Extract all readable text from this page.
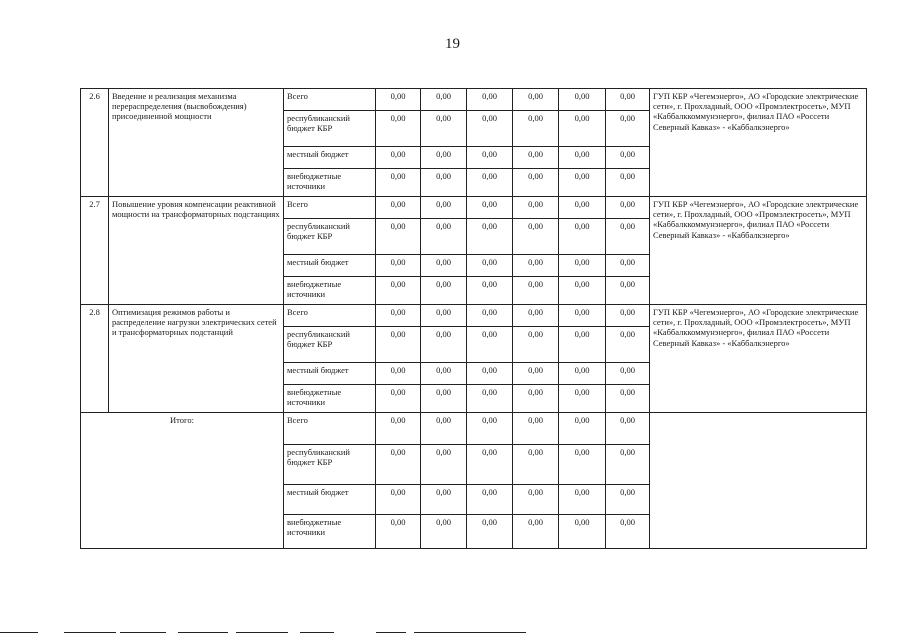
19
2.6	Введение и реализация механизма перераспределения (высвобождения) присоединенной мощности	Всего	0,00	0,00	0,00	0,00	0,00	0,00	ГУП КБР «Чегемэнерго», АО «Городские электрические сети», г. Прохладный, ООО «Промэлектросеть», МУП «Каббалккоммунэнерго», филиал ПАО «Россети Северный Кавказ» - «Каббалкэнерго»
		республиканский бюджет КБР	0,00	0,00	0,00	0,00	0,00	0,00	
		местный бюджет	0,00	0,00	0,00	0,00	0,00	0,00	
		внебюджетные источники	0,00	0,00	0,00	0,00	0,00	0,00	
2.7	Повышение уровня компенсации реактивной мощности на трансформаторных подстанциях	Всего	0,00	0,00	0,00	0,00	0,00	0,00	ГУП КБР «Чегемэнерго», АО «Городские электрические сети», г. Прохладный, ООО «Промэлектросеть», МУП «Каббалккоммунэнерго», филиал ПАО «Россети Северный Кавказ» - «Каббалкэнерго»
		республиканский бюджет КБР	0,00	0,00	0,00	0,00	0,00	0,00	
		местный бюджет	0,00	0,00	0,00	0,00	0,00	0,00	
		внебюджетные источники	0,00	0,00	0,00	0,00	0,00	0,00	
2.8	Оптимизация режимов работы и распределение нагрузки электрических сетей и трансформаторных подстанций	Всего	0,00	0,00	0,00	0,00	0,00	0,00	ГУП КБР «Чегемэнерго», АО «Городские электрические сети», г. Прохладный, ООО «Промэлектросеть», МУП «Каббалккоммунэнерго», филиал ПАО «Россети Северный Кавказ» - «Каббалкэнерго»
		республиканский бюджет КБР	0,00	0,00	0,00	0,00	0,00	0,00	
		местный бюджет	0,00	0,00	0,00	0,00	0,00	0,00	
		внебюджетные источники	0,00	0,00	0,00	0,00	0,00	0,00	
Итого:		Всего	0,00	0,00	0,00	0,00	0,00	0,00	
		республиканский бюджет КБР	0,00	0,00	0,00	0,00	0,00	0,00	
		местный бюджет	0,00	0,00	0,00	0,00	0,00	0,00	
		внебюджетные источники	0,00	0,00	0,00	0,00	0,00	0,00	
